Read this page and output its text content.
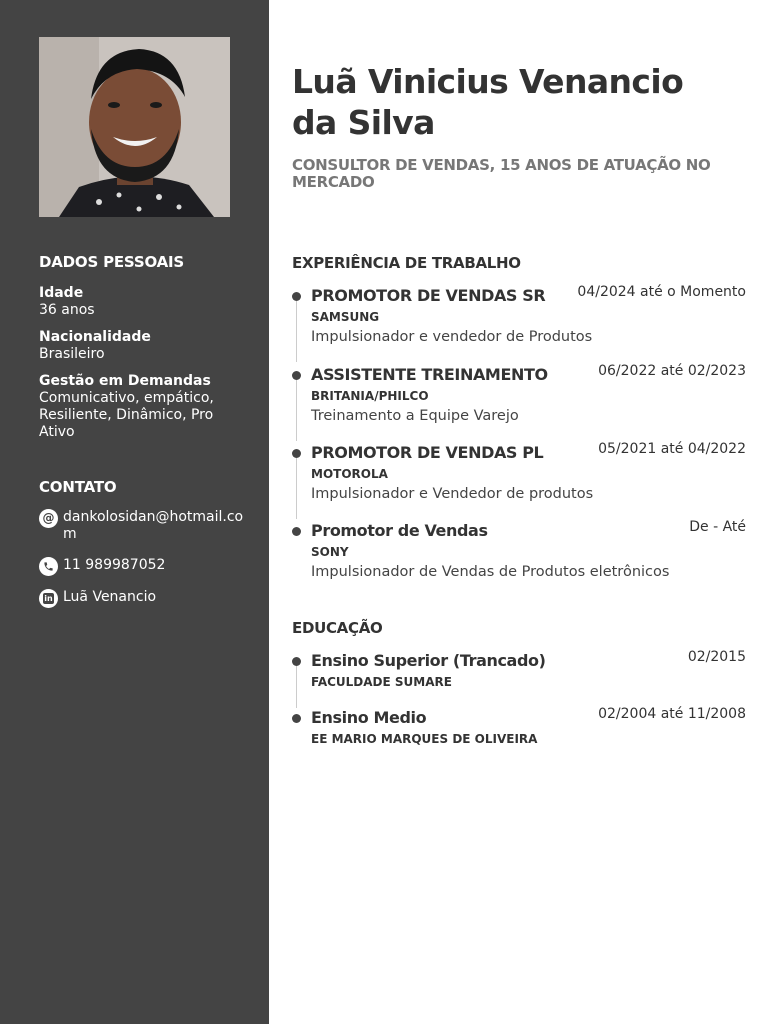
DADOS PESSOAIS
Idade
36 anos
Nacionalidade
Brasileiro
Gestão em Demandas
Comunicativo, empático, Resiliente, Dinâmico, Pro Ativo
CONTATO
@ dankolosidan@hotmail.com
11 989987052
in Luã Venancio
Luã Vinicius Venancio da Silva
CONSULTOR DE VENDAS, 15 ANOS DE ATUAÇÃO NO MERCADO
EXPERIÊNCIA DE TRABALHO
PROMOTOR DE VENDAS SR 04/2024 até o Momento
SAMSUNG
Impulsionador e vendedor de Produtos
ASSISTENTE TREINAMENTO	06/2022 até 02/2023
BRITANIA/PHILCO
Treinamento a Equipe Varejo
PROMOTOR DE VENDAS PL	05/2021 até 04/2022
MOTOROLA
Impulsionador e Vendedor de produtos
Promotor de Vendas	De - Até
SONY
Impulsionador de Vendas de Produtos eletrônicos
EDUCAÇÃO
Ensino Superior (Trancado)	02/2015
FACULDADE SUMARE
Ensino Medio	02/2004 até 11/2008
EE MARIO MARQUES DE OLIVEIRA
